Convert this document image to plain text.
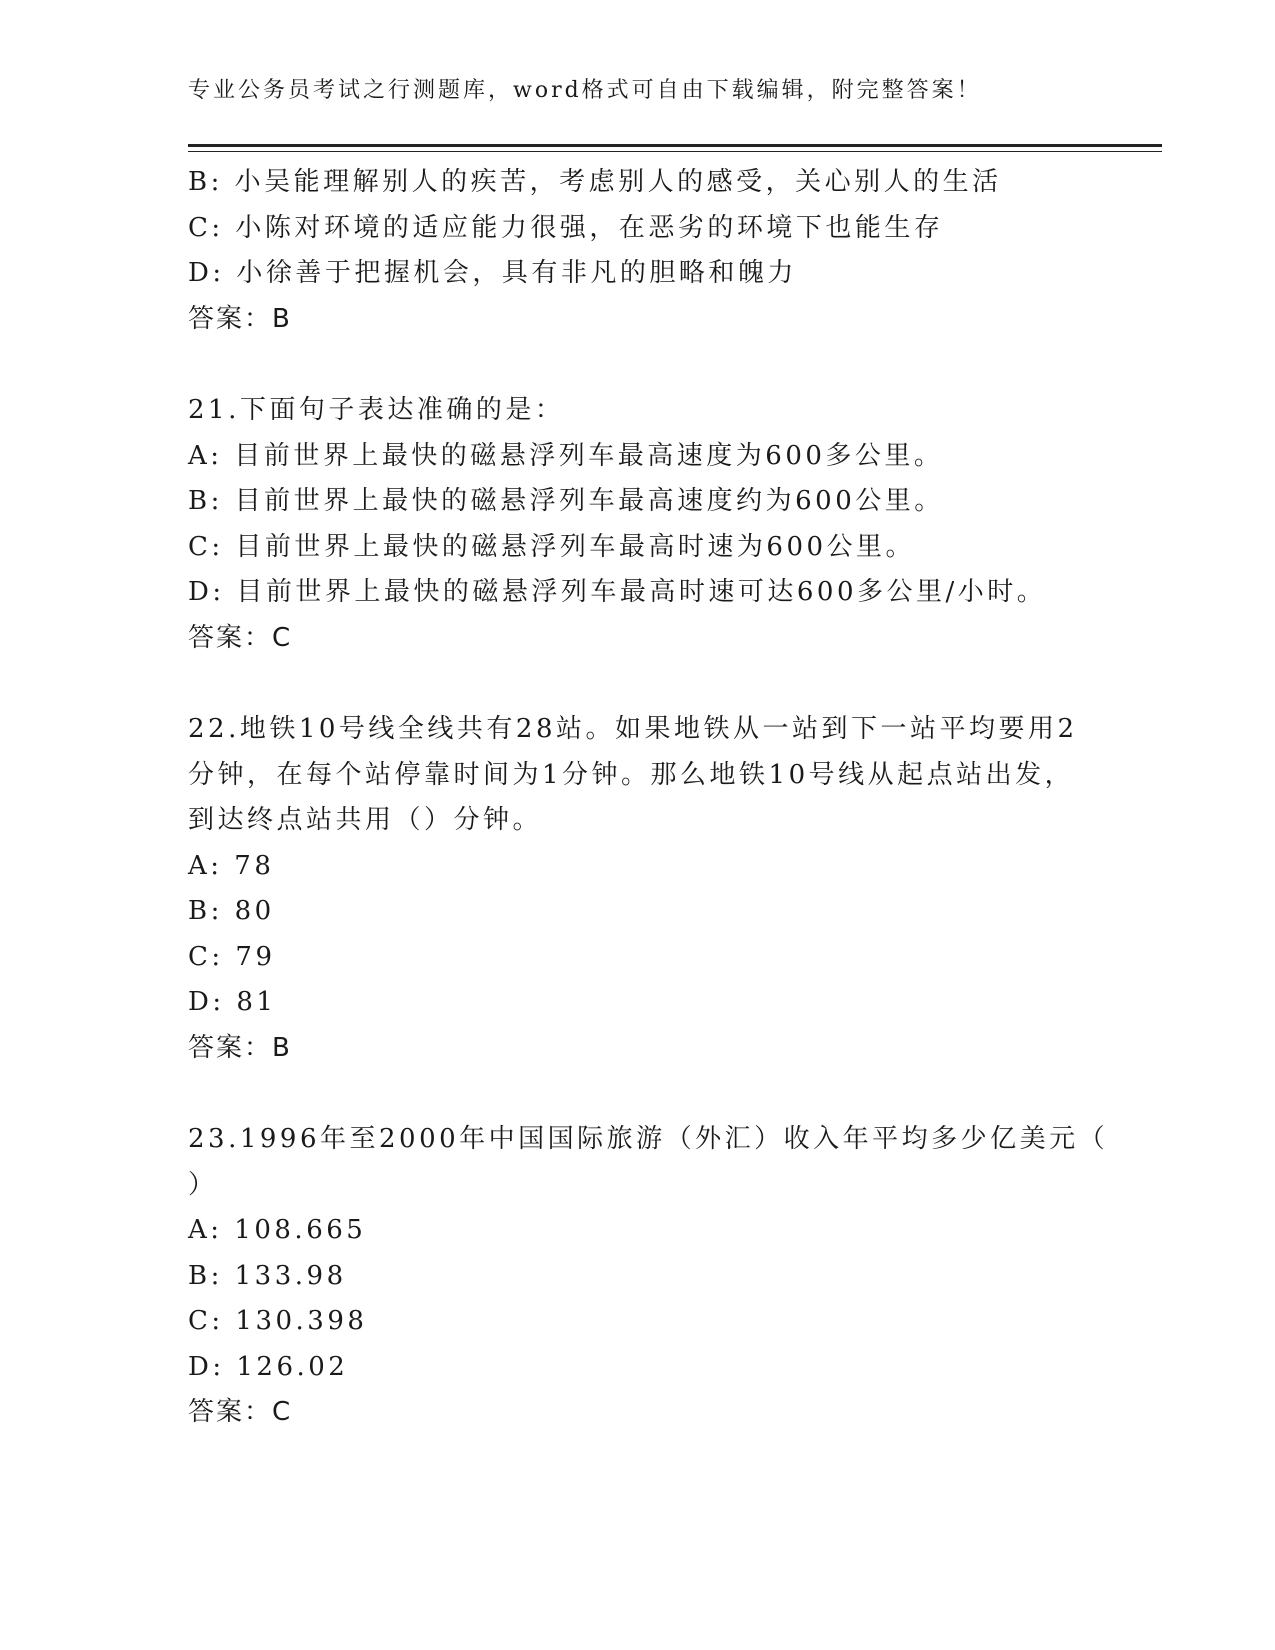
专业公务员考试之行测题库，word格式可自由下载编辑，附完整答案！
B: 小吴能理解别人的疾苦，考虑别人的感受，关心别人的生活
C: 小陈对环境的适应能力很强，在恶劣的环境下也能生存
D: 小徐善于把握机会，具有非凡的胆略和魄力
答案：B
21.下面句子表达准确的是：
A: 目前世界上最快的磁悬浮列车最高速度为600多公里。
B: 目前世界上最快的磁悬浮列车最高速度约为600公里。
C: 目前世界上最快的磁悬浮列车最高时速为600公里。
D: 目前世界上最快的磁悬浮列车最高时速可达600多公里/小时。
答案：C
22.地铁10号线全线共有28站。如果地铁从一站到下一站平均要用2
分钟，在每个站停靠时间为1分钟。那么地铁10号线从起点站出发，
到达终点站共用（）分钟。
A: 78
B: 80
C: 79
D: 81
答案：B
23.1996年至2000年中国国际旅游（外汇）收入年平均多少亿美元（
）
A: 108.665
B: 133.98
C: 130.398
D: 126.02
答案：C
